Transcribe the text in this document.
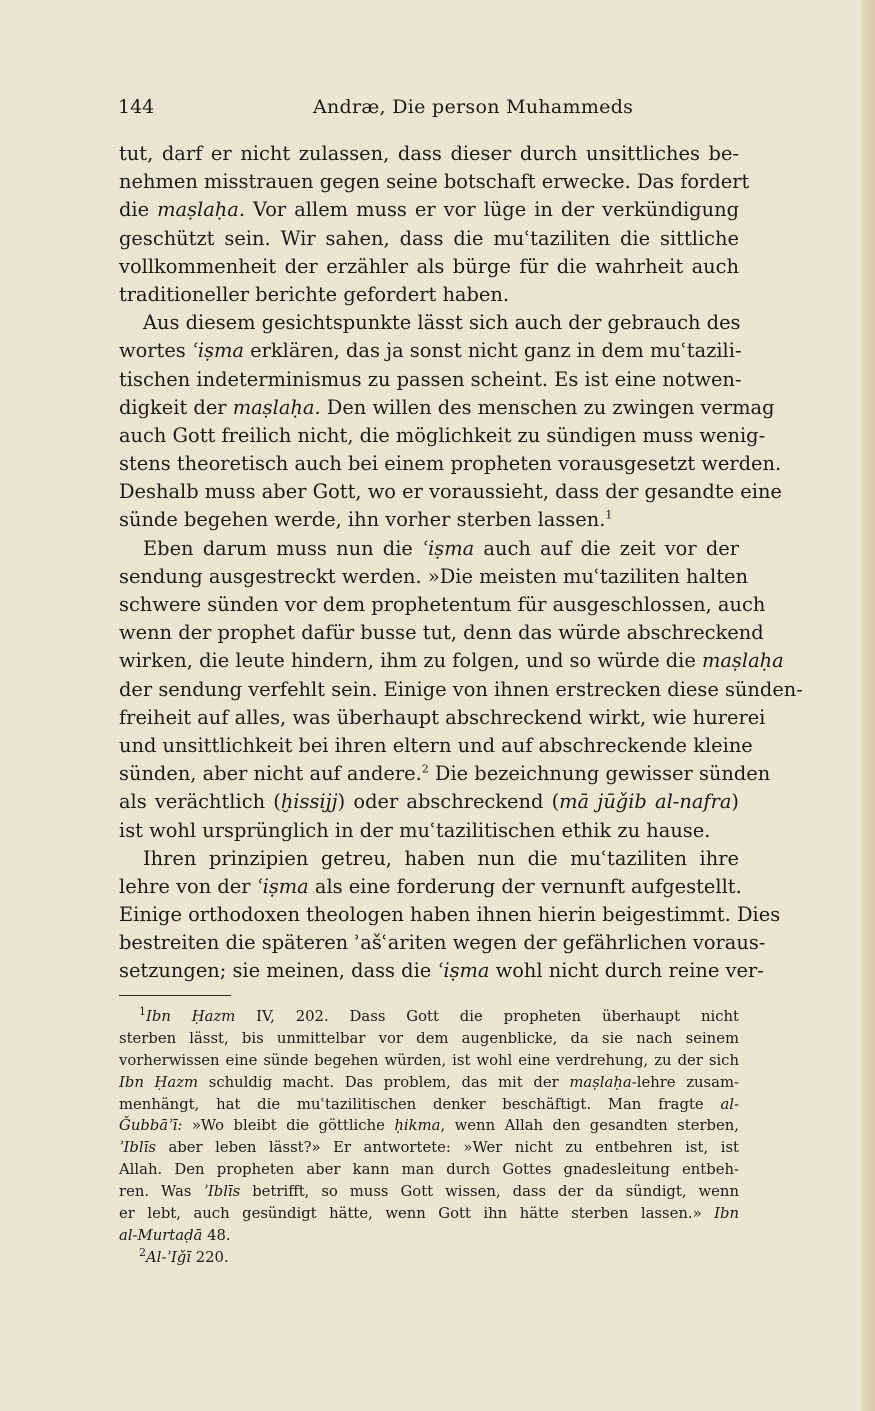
144	Andræ, Die person Muhammeds
tut, darf er nicht zulassen, dass dieser durch unsittliches be-
nehmen misstrauen gegen seine botschaft erwecke. Das fordert
die maṣlaḥa. Vor allem muss er vor lüge in der verkündigung
geschützt sein. Wir sahen, dass die muʿtaziliten die sittliche
vollkommenheit der erzähler als bürge für die wahrheit auch
traditioneller berichte gefordert haben.
Aus diesem gesichtspunkte lässt sich auch der gebrauch des
wortes ʿiṣma erklären, das ja sonst nicht ganz in dem muʿtazili-
tischen indeterminismus zu passen scheint. Es ist eine notwen-
digkeit der maṣlaḥa. Den willen des menschen zu zwingen vermag
auch Gott freilich nicht, die möglichkeit zu sündigen muss wenig-
stens theoretisch auch bei einem propheten vorausgesetzt werden.
Deshalb muss aber Gott, wo er voraussieht, dass der gesandte eine
sünde begehen werde, ihn vorher sterben lassen.$^1$
Eben darum muss nun die ʿiṣma auch auf die zeit vor der
sendung ausgestreckt werden. »Die meisten muʿtaziliten halten
schwere sünden vor dem prophetentum für ausgeschlossen, auch
wenn der prophet dafür busse tut, denn das würde abschreckend
wirken, die leute hindern, ihm zu folgen, und so würde die maṣlaḥa
der sendung verfehlt sein. Einige von ihnen erstrecken diese sünden-
freiheit auf alles, was überhaupt abschreckend wirkt, wie hurerei
und unsittlichkeit bei ihren eltern und auf abschreckende kleine
sünden, aber nicht auf andere.$^2$ Die bezeichnung gewisser sünden
als verächtlich (ḫissijj) oder abschreckend (mā jūǧib al-nafra)
ist wohl ursprünglich in der muʿtazilitischen ethik zu hause.
Ihren prinzipien getreu, haben nun die muʿtaziliten ihre
lehre von der ʿiṣma als eine forderung der vernunft aufgestellt.
Einige orthodoxen theologen haben ihnen hierin beigestimmt. Dies
bestreiten die späteren ʾašʿariten wegen der gefährlichen voraus-
setzungen; sie meinen, dass die ʿiṣma wohl nicht durch reine ver-
$^1$Ibn Ḥazm IV, 202. Dass Gott die propheten überhaupt nicht
sterben lässt, bis unmittelbar vor dem augenblicke, da sie nach seinem
vorherwissen eine sünde begehen würden, ist wohl eine verdrehung, zu der sich
Ibn Ḥazm schuldig macht. Das problem, das mit der maṣlaḥa-lehre zusam-
menhängt, hat die muʿtazilitischen denker beschäftigt. Man fragte al-
Ǧubbāʾī: »Wo bleibt die göttliche ḥikma, wenn Allah den gesandten sterben,
ʾIblīs aber leben lässt?» Er antwortete: »Wer nicht zu entbehren ist, ist
Allah. Den propheten aber kann man durch Gottes gnadesleitung entbeh-
ren. Was ʾIblīs betrifft, so muss Gott wissen, dass der da sündigt, wenn
er lebt, auch gesündigt hätte, wenn Gott ihn hätte sterben lassen.» Ibn
al-Murtaḍā 48.
$^2$Al-ʾIǧī 220.
